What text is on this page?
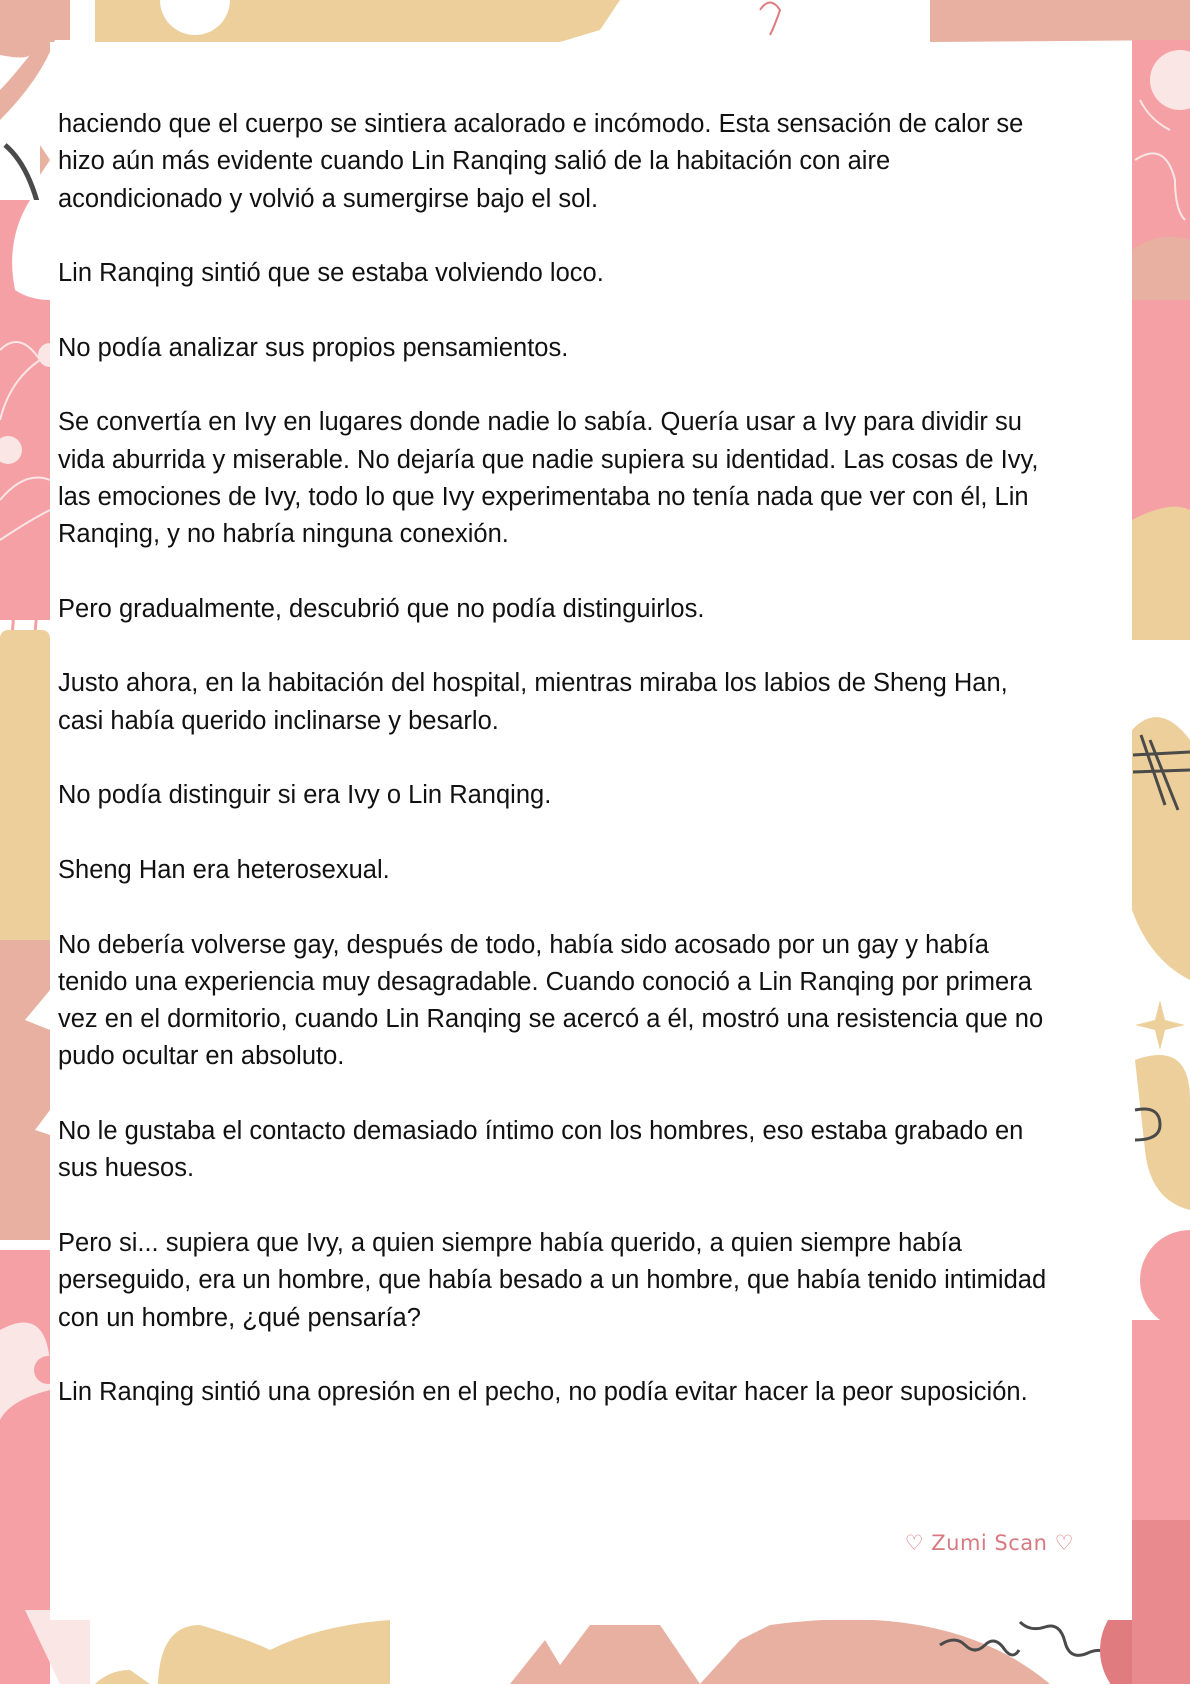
haciendo que el cuerpo se sintiera acalorado e incómodo. Esta sensación de calor se hizo aún más evidente cuando Lin Ranqing salió de la habitación con aire acondicionado y volvió a sumergirse bajo el sol.

Lin Ranqing sintió que se estaba volviendo loco.

No podía analizar sus propios pensamientos.

Se convertía en Ivy en lugares donde nadie lo sabía. Quería usar a Ivy para dividir su vida aburrida y miserable. No dejaría que nadie supiera su identidad. Las cosas de Ivy, las emociones de Ivy, todo lo que Ivy experimentaba no tenía nada que ver con él, Lin Ranqing, y no habría ninguna conexión.

Pero gradualmente, descubrió que no podía distinguirlos.

Justo ahora, en la habitación del hospital, mientras miraba los labios de Sheng Han, casi había querido inclinarse y besarlo.

No podía distinguir si era Ivy o Lin Ranqing.

Sheng Han era heterosexual.

No debería volverse gay, después de todo, había sido acosado por un gay y había tenido una experiencia muy desagradable. Cuando conoció a Lin Ranqing por primera vez en el dormitorio, cuando Lin Ranqing se acercó a él, mostró una resistencia que no pudo ocultar en absoluto.

No le gustaba el contacto demasiado íntimo con los hombres, eso estaba grabado en sus huesos.

Pero si... supiera que Ivy, a quien siempre había querido, a quien siempre había perseguido, era un hombre, que había besado a un hombre, que había tenido intimidad con un hombre, ¿qué pensaría?

Lin Ranqing sintió una opresión en el pecho, no podía evitar hacer la peor suposición.

♡ Zumi Scan ♡
